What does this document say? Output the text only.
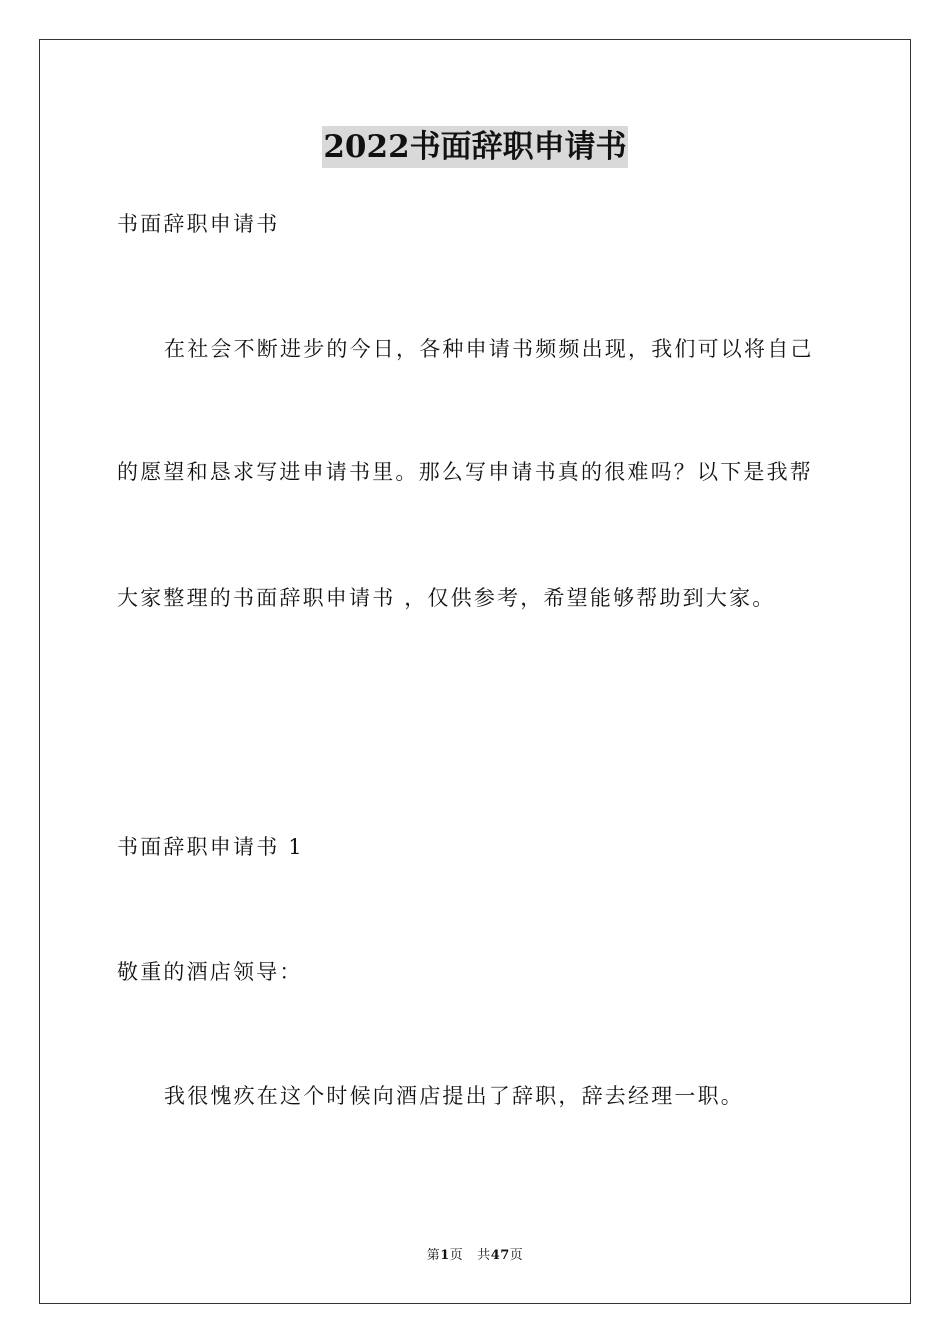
2022书面辞职申请书
书面辞职申请书
在社会不断进步的今日，各种申请书频频出现，我们可以将自己
的愿望和恳求写进申请书里。那么写申请书真的很难吗？以下是我帮
大家整理的书面辞职申请书 ，仅供参考，希望能够帮助到大家。
书面辞职申请书 1
敬重的酒店领导：
我很愧疚在这个时候向酒店提出了辞职，辞去经理一职。
第1页 共47页
